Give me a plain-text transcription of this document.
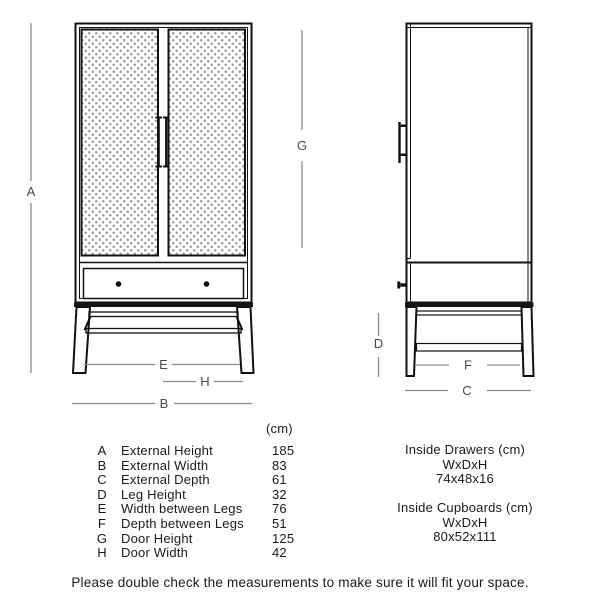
A
E
H
B
G
D
F
C
(cm)
A External Height	185
B External Width	83
C External Depth	61
D Leg Height	32
E Width between Legs	76
F	Depth between Legs	51
G Door Height	125
H Door Width	42
Inside Drawers (cm)
WxDxH
74x48x16
Inside Cupboards (cm)
WxDxH
80x52x111
Please double check the measurements to make sure it will fit your space.
